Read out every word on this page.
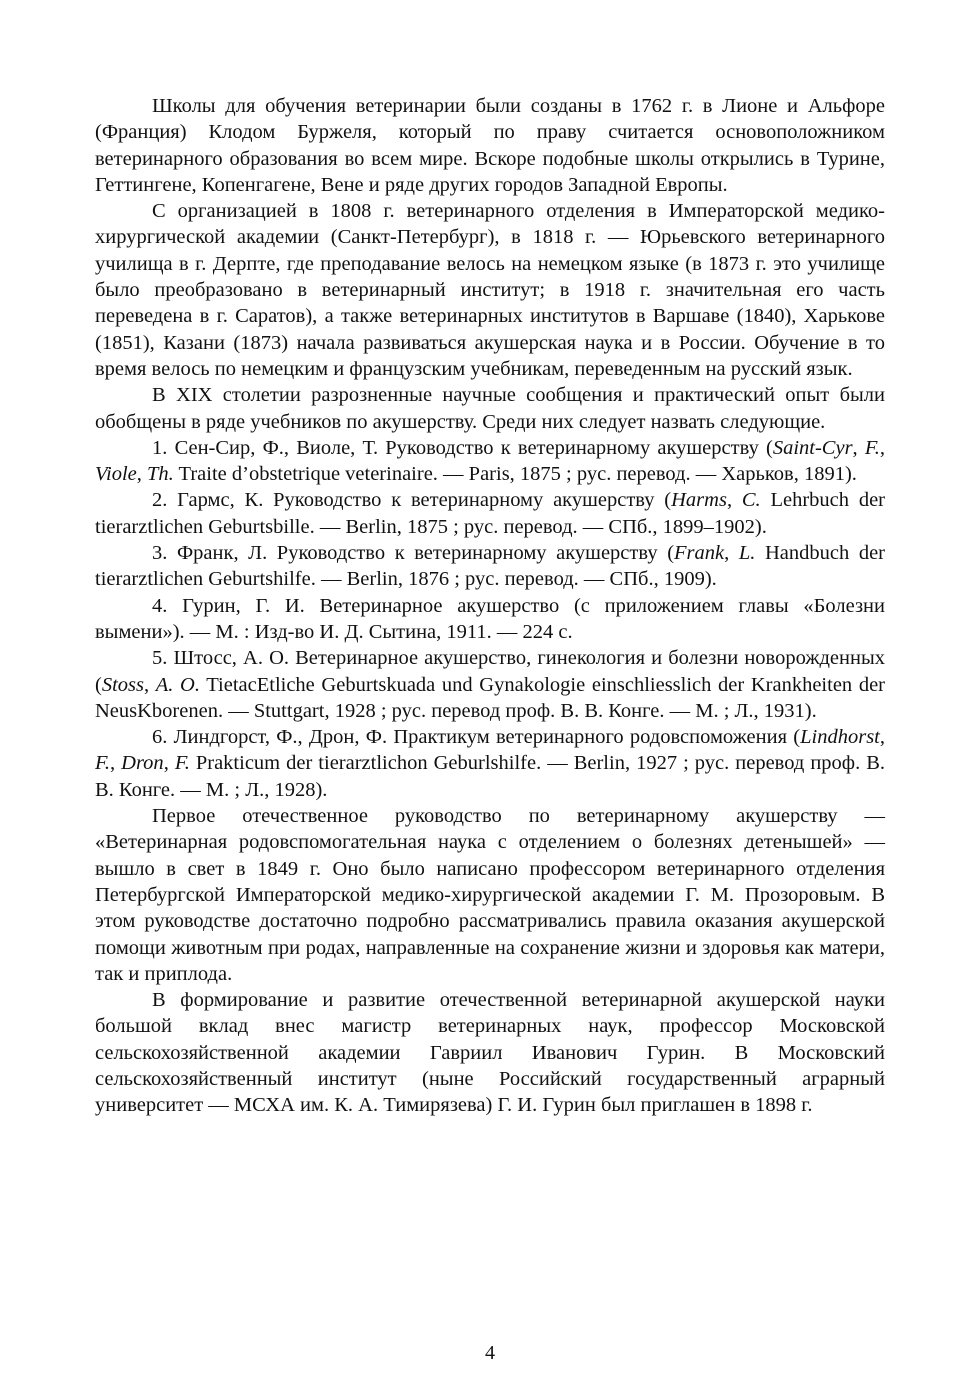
Школы для обучения ветеринарии были созданы в 1762 г. в Лионе и Альфоре (Франция) Клодом Буржеля, который по праву считается основоположником ветеринарного образования во всем мире. Вскоре подобные школы открылись в Турине, Геттингене, Копенгагене, Вене и ряде других городов Западной Европы.

С организацией в 1808 г. ветеринарного отделения в Императорской медико-хирургической академии (Санкт-Петербург), в 1818 г. — Юрьевского ветеринарного училища в г. Дерпте, где преподавание велось на немецком языке (в 1873 г. это училище было преобразовано в ветеринарный институт; в 1918 г. значительная его часть переведена в г. Саратов), а также ветеринарных институтов в Варшаве (1840), Харькове (1851), Казани (1873) начала развиваться акушерская наука и в России. Обучение в то время велось по немецким и французским учебникам, переведенным на русский язык.

В XIX столетии разрозненные научные сообщения и практический опыт были обобщены в ряде учебников по акушерству. Среди них следует назвать следующие.

1. Сен-Сир, Ф., Виоле, Т. Руководство к ветеринарному акушерству (Saint-Cyr, F., Viole, Th. Traite d’obstetrique veterinaire. — Paris, 1875 ; рус. перевод. — Харьков, 1891).

2. Гармс, К. Руководство к ветеринарному акушерству (Harms, C. Lehrbuch der tierarztlichen Geburtsbille. — Berlin, 1875 ; рус. перевод. — СПб., 1899–1902).

3. Франк, Л. Руководство к ветеринарному акушерству (Frank, L. Handbuch der tierarztlichen Geburtshilfe. — Berlin, 1876 ; рус. перевод. — СПб., 1909).

4. Гурин, Г. И. Ветеринарное акушерство (с приложением главы «Болезни вымени»). — М. : Изд-во И. Д. Сытина, 1911. — 224 с.

5. Штосс, А. О. Ветеринарное акушерство, гинекология и болезни новорожденных (Stoss, A. O. TietacEtliche Geburtskuada und Gynakologie einschliesslich der Krankheiten der NeusKborenen. — Stuttgart, 1928 ; рус. перевод проф. В. В. Конге. — М. ; Л., 1931).

6. Линдгорст, Ф., Дрон, Ф. Практикум ветеринарного родовспоможения (Lindhorst, F., Dron, F. Prakticum der tierarztlichon Geburlshilfe. — Berlin, 1927 ; рус. перевод проф. В. В. Конге. — М. ; Л., 1928).

Первое отечественное руководство по ветеринарному акушерству — «Ветеринарная родовспомогательная наука с отделением о болезнях детенышей» — вышло в свет в 1849 г. Оно было написано профессором ветеринарного отделения Петербургской Императорской медико-хирургической академии Г. М. Прозоровым. В этом руководстве достаточно подробно рассматривались правила оказания акушерской помощи животным при родах, направленные на сохранение жизни и здоровья как матери, так и приплода.

В формирование и развитие отечественной ветеринарной акушерской науки большой вклад внес магистр ветеринарных наук, профессор Московской сельскохозяйственной академии Гавриил Иванович Гурин. В Московский сельскохозяйственный институт (ныне Российский государственный аграрный университет — МСХА им. К. А. Тимирязева) Г. И. Гурин был приглашен в 1898 г.

4
